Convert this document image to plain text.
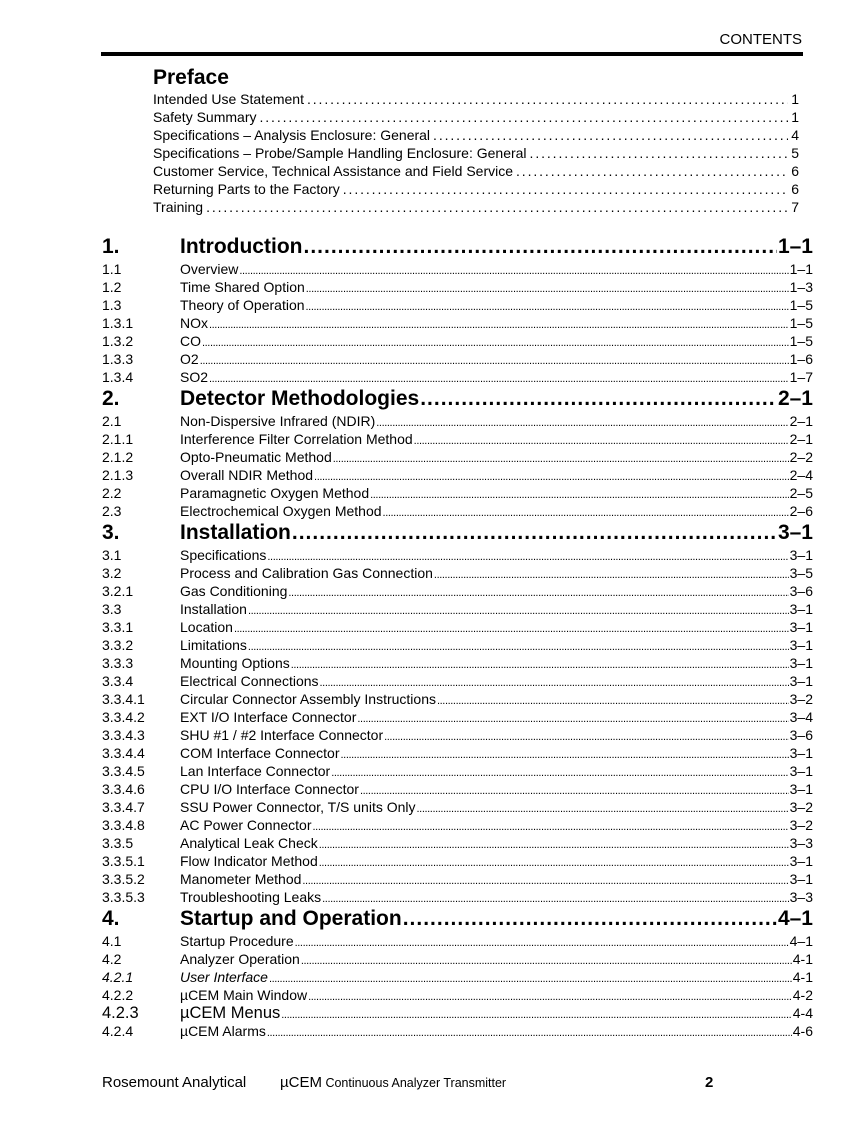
CONTENTS
Preface
Intended Use Statement . . .	1
Safety Summary . . .	1
Specifications – Analysis Enclosure: General . . .	4
Specifications – Probe/Sample Handling Enclosure: General . . .	5
Customer Service, Technical Assistance and Field Service . . .	6
Returning Parts to the Factory . . .	6
Training . . .	7
1.	Introduction .....	1–1
1.1	Overview .....	1–1
1.2	Time Shared Option .....	1–3
1.3	Theory of Operation .....	1–5
1.3.1	NOx .....	1–5
1.3.2	CO .....	1–5
1.3.3	O2 .....	1–6
1.3.4	SO2 .....	1–7
2.	Detector Methodologies .....	2–1
2.1	Non-Dispersive Infrared (NDIR) .....	2–1
2.1.1	Interference Filter Correlation Method .....	2–1
2.1.2	Opto-Pneumatic Method .....	2–2
2.1.3	Overall NDIR Method .....	2–4
2.2	Paramagnetic Oxygen Method .....	2–5
2.3	Electrochemical Oxygen Method .....	2–6
3.	Installation .....	3–1
3.1	Specifications .....	3–1
3.2	Process and Calibration Gas Connection .....	3–5
3.2.1	Gas Conditioning .....	3–6
3.3	Installation .....	3–1
3.3.1	Location .....	3–1
3.3.2	Limitations .....	3–1
3.3.3	Mounting Options .....	3–1
3.3.4	Electrical Connections .....	3–1
3.3.4.1	Circular Connector Assembly Instructions .....	3–2
3.3.4.2	EXT I/O Interface Connector .....	3–4
3.3.4.3	SHU #1 / #2 Interface Connector .....	3–6
3.3.4.4	COM Interface Connector .....	3–1
3.3.4.5	Lan Interface Connector .....	3–1
3.3.4.6	CPU I/O Interface Connector .....	3–1
3.3.4.7	SSU Power Connector, T/S units Only .....	3–2
3.3.4.8	AC Power Connector .....	3–2
3.3.5	Analytical Leak Check .....	3–3
3.3.5.1	Flow Indicator Method .....	3–1
3.3.5.2	Manometer Method .....	3–1
3.3.5.3	Troubleshooting Leaks .....	3–3
4.	Startup and Operation .....	4–1
4.1	Startup Procedure .....	4–1
4.2	Analyzer Operation .....	4-1
4.2.1	User Interface .....	4-1
4.2.2	µCEM Main Window .....	4-2
4.2.3	µCEM Menus .....	4-4
4.2.4	µCEM Alarms .....	4-6
Rosemount Analytical µCEM Continuous Analyzer Transmitter	2
